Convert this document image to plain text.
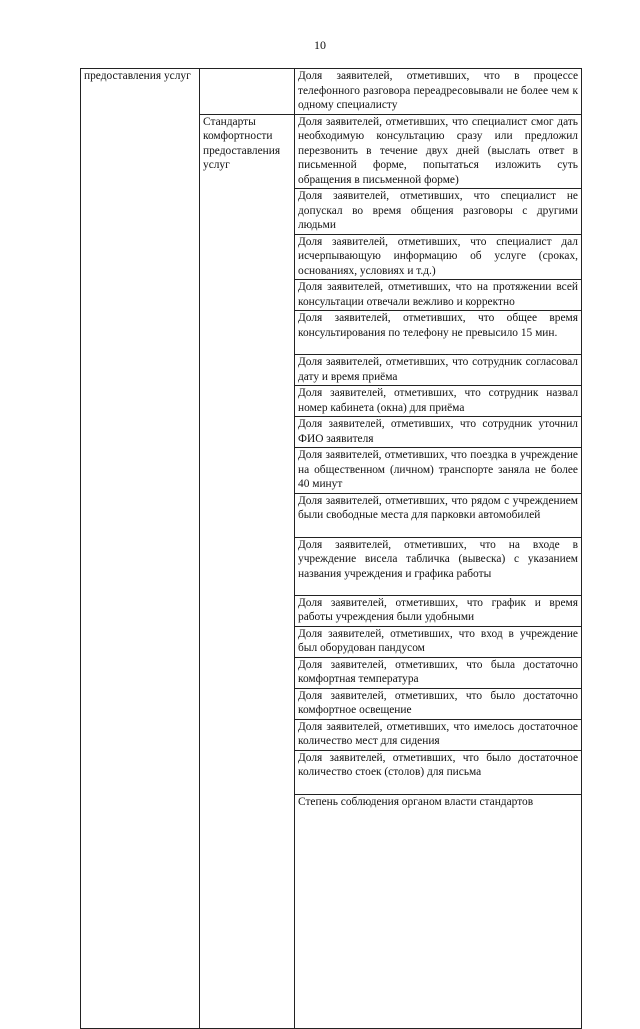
10
предоставления услуг		Доля заявителей, отметивших, что в процессе телефонного разговора переадресовывали не более чем к одному специалисту	
	Стандарты комфортности предоставления услуг	Доля заявителей, отметивших, что специалист смог дать необходимую консультацию сразу или предложил перезвонить в течение двух дней (выслать ответ в письменной форме, попытаться изложить суть обращения в письменной форме)	
		Доля заявителей, отметивших, что специалист не допускал во время общения разговоры с другими людьми	
		Доля заявителей, отметивших, что специалист дал исчерпывающую информацию об услуге (сроках, основаниях, условиях и т.д.)	
		Доля заявителей, отметивших, что на протяжении всей консультации отвечали вежливо и корректно	
		Доля заявителей, отметивших, что общее время консультирования по телефону не превысило 15 мин.	
		Доля заявителей, отметивших, что сотрудник согласовал дату и время приёма	
		Доля заявителей, отметивших, что сотрудник назвал номер кабинета (окна) для приёма	
		Доля заявителей, отметивших, что сотрудник уточнил ФИО заявителя	
		Доля заявителей, отметивших, что поездка в учреждение на общественном (личном) транспорте заняла не более 40 минут	
		Доля заявителей, отметивших, что рядом с учреждением были свободные места для парковки автомобилей	
		Доля заявителей, отметивших, что на входе в учреждение висела табличка (вывеска) с указанием названия учреждения и графика работы	
		Доля заявителей, отметивших, что график и время работы учреждения были удобными	
		Доля заявителей, отметивших, что вход в учреждение был оборудован пандусом	
		Доля заявителей, отметивших, что была достаточно комфортная температура	
		Доля заявителей, отметивших, что было достаточно комфортное освещение	
		Доля заявителей, отметивших, что имелось достаточное количество мест для сидения	
		Доля заявителей, отметивших, что было достаточное количество стоек (столов) для письма	
		Степень соблюдения органом власти стандартов		
